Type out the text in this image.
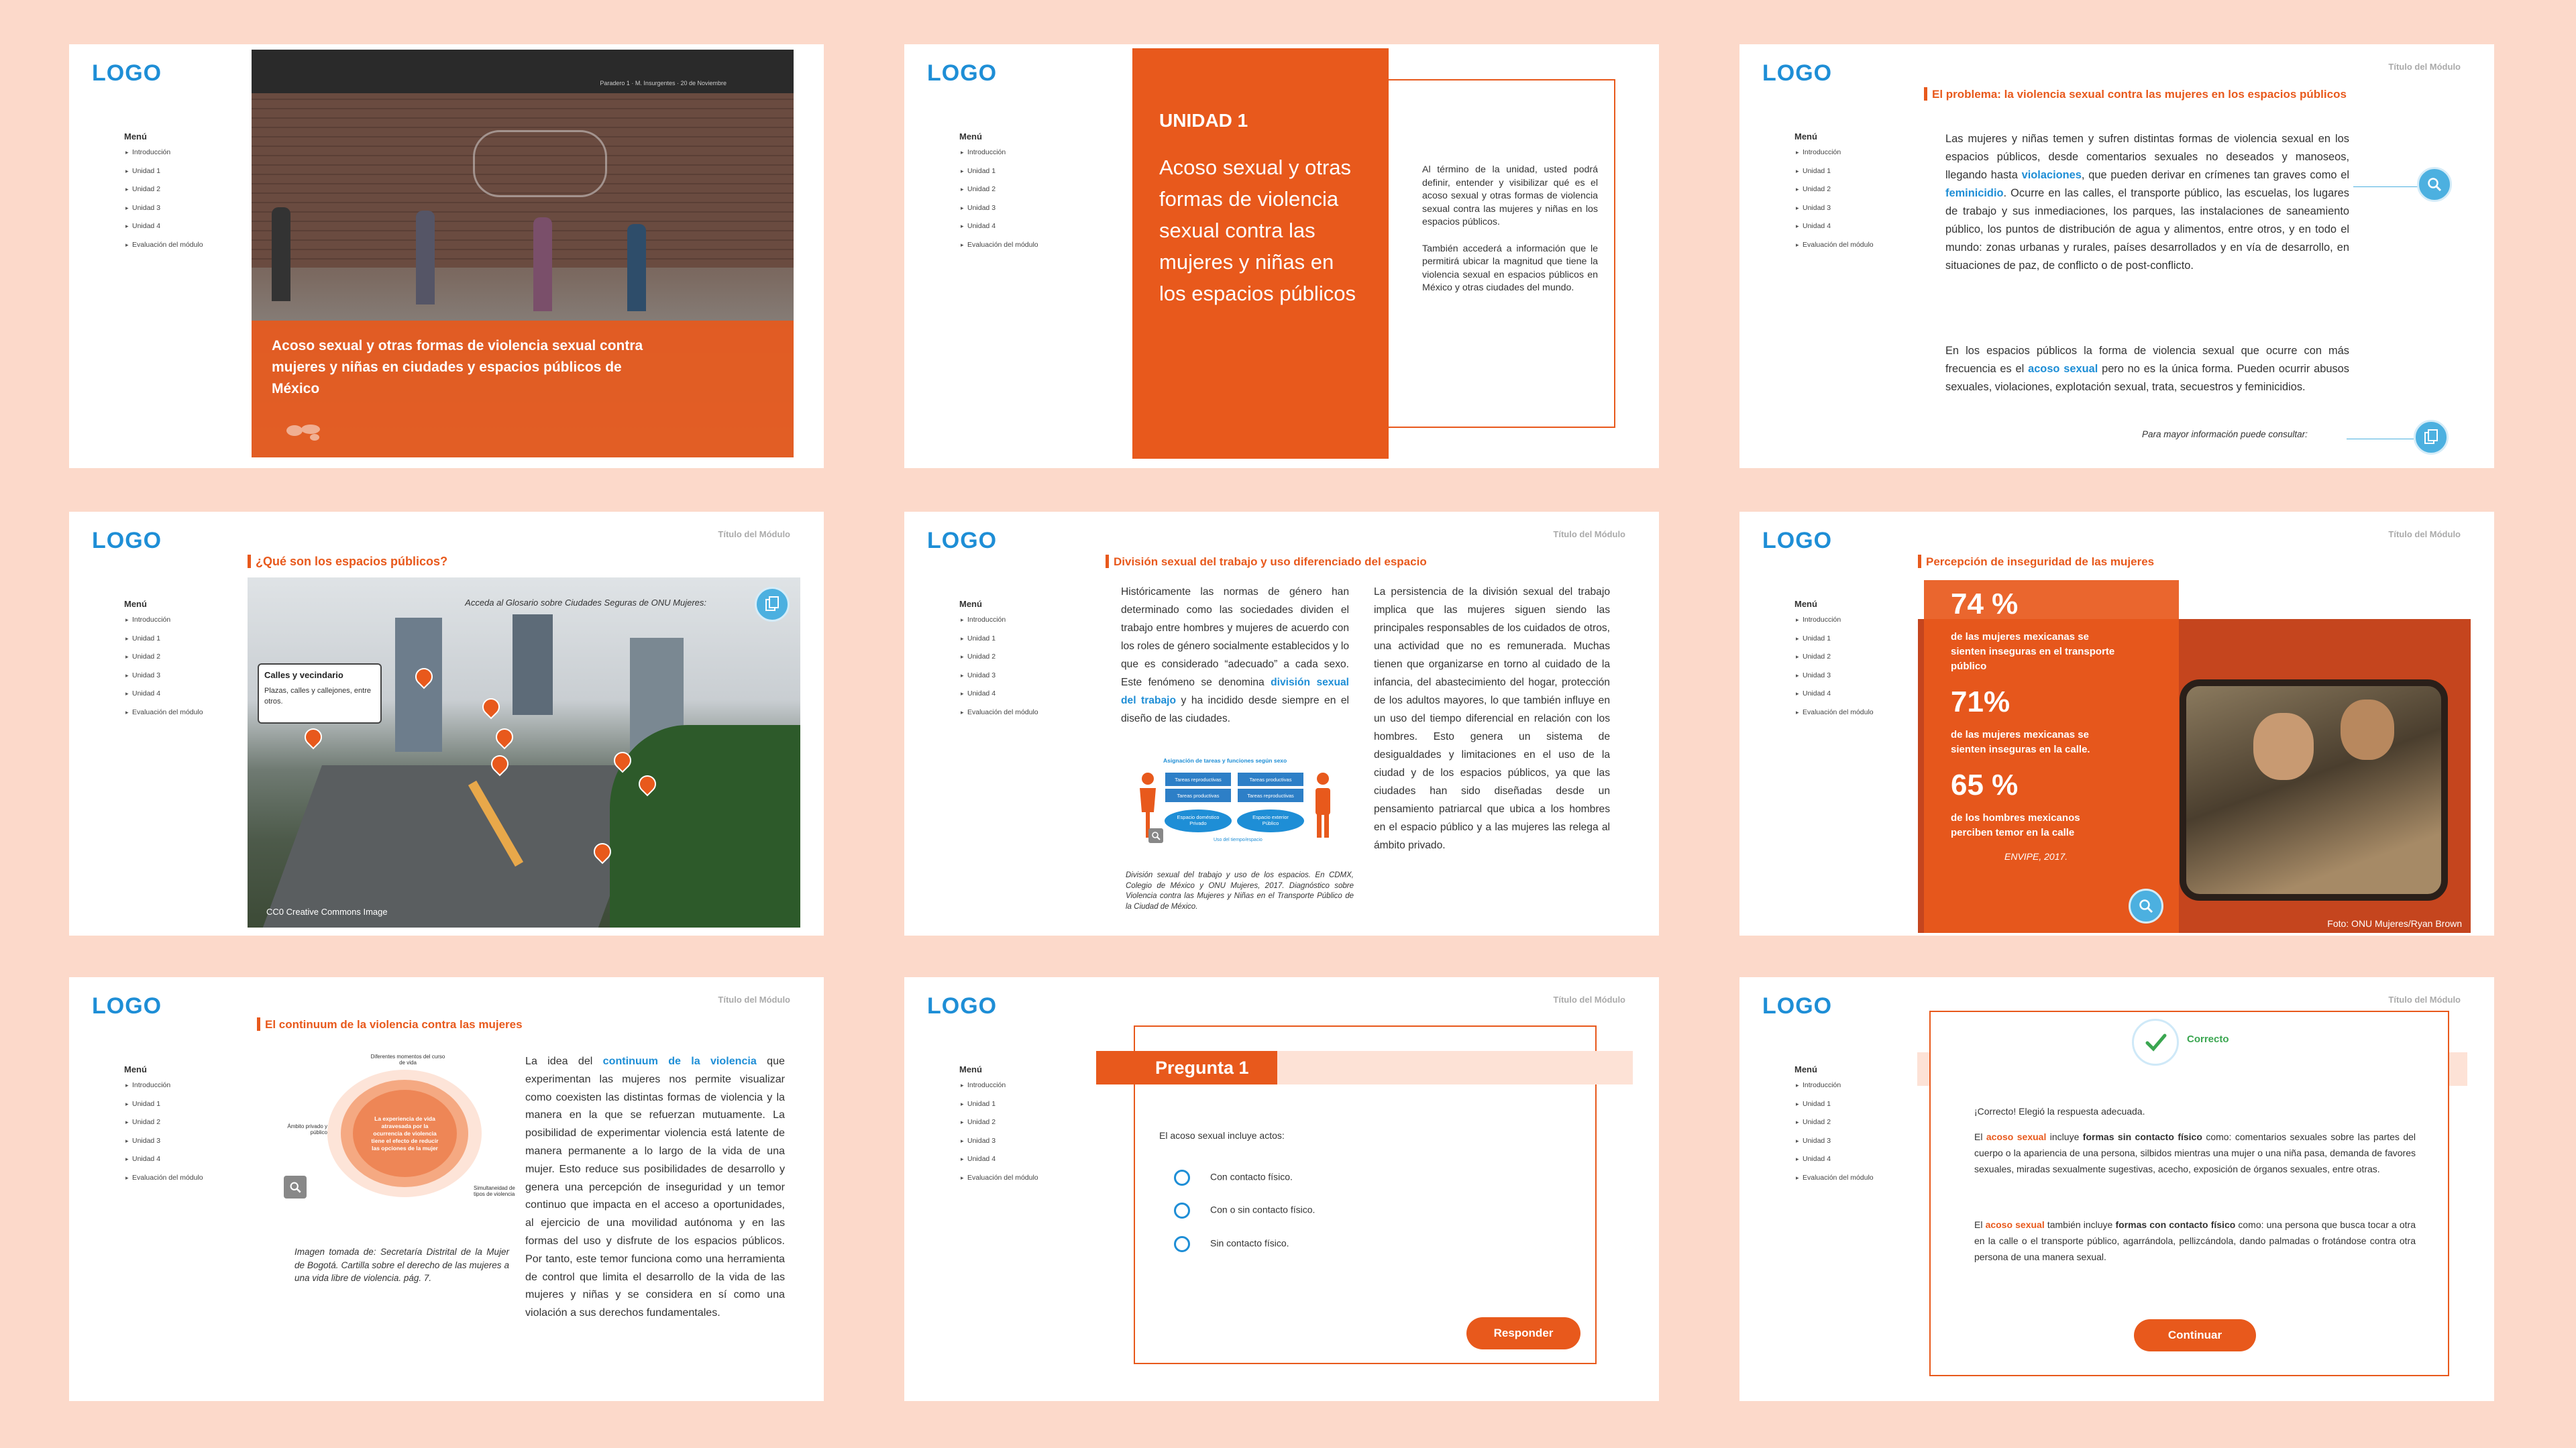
LOGO
Menú
▸ Introducción
▸ Unidad 1
▸ Unidad 2
▸ Unidad 3
▸ Unidad 4
▸ Evaluación del módulo
Paradero 1 · M. Insurgentes · 20 de Noviembre
Acoso sexual y otras formas de violencia sexual contra mujeres y niñas en ciudades y espacios públicos de México
LOGO
Menú
▸ Introducción
▸ Unidad 1
▸ Unidad 2
▸ Unidad 3
▸ Unidad 4
▸ Evaluación del módulo
UNIDAD 1
Acoso sexual y otras formas de violencia sexual contra las mujeres y niñas en los espacios públicos

Al término de la unidad, usted podrá definir, entender y visibilizar qué es el acoso sexual y otras formas de violencia sexual contra las mujeres y niñas en los espacios públicos.

También accederá a información que le permitirá ubicar la magnitud que tiene la violencia sexual en espacios públicos en México y otras ciudades del mundo.

LOGO	Título del Módulo
Menú
▸ Introducción
▸ Unidad 1
▸ Unidad 2
▸ Unidad 3
▸ Unidad 4
▸ Evaluación del módulo
El problema: la violencia sexual contra las mujeres en los espacios públicos
Las mujeres y niñas temen y sufren distintas formas de violencia sexual en los espacios públicos, desde comentarios sexuales no deseados y manoseos, llegando hasta violaciones, que pueden derivar en crímenes tan graves como el feminicidio. Ocurre en las calles, el transporte público, las escuelas, los lugares de trabajo y sus inmediaciones, los parques, las instalaciones de saneamiento público, los puntos de distribución de agua y alimentos, entre otros, y en todo el mundo: zonas urbanas y rurales, países desarrollados y en vía de desarrollo, en situaciones de paz, de conflicto o de post-conflicto.
En los espacios públicos la forma de violencia sexual que ocurre con más frecuencia es el acoso sexual pero no es la única forma. Pueden ocurrir abusos sexuales, violaciones, explotación sexual, trata, secuestros y feminicidios.
Para mayor información puede consultar:
LOGO	Título del Módulo
Menú
▸ Introducción
▸ Unidad 1
▸ Unidad 2
▸ Unidad 3
▸ Unidad 4
▸ Evaluación del módulo
¿Qué son los espacios públicos?
Acceda al Glosario sobre Ciudades Seguras de ONU Mujeres:
Calles y vecindario
Plazas, calles y callejones, entre otros.
CC0 Creative Commons Image
LOGO	Título del Módulo
Menú
▸ Introducción
▸ Unidad 1
▸ Unidad 2
▸ Unidad 3
▸ Unidad 4
▸ Evaluación del módulo
División sexual del trabajo y uso diferenciado del espacio
Históricamente las normas de género han determinado como las sociedades dividen el trabajo entre hombres y mujeres de acuerdo con los roles de género socialmente establecidos y lo que es considerado “adecuado” a cada sexo. Este fenómeno se denomina división sexual del trabajo y ha incidido desde siempre en el diseño de las ciudades.
Asignación de tareas y funciones según sexo
Tareas reproductivas
Tareas productivas
Tareas productivas
Tareas reproductivas
Espacio doméstico Privado
Espacio exterior Público
Uso del tiempo/espacio
División sexual del trabajo y uso de los espacios. En CDMX, Colegio de México y ONU Mujeres, 2017. Diagnóstico sobre Violencia contra las Mujeres y Niñas en el Transporte Público de la Ciudad de México.
La persistencia de la división sexual del trabajo implica que las mujeres siguen siendo las principales responsables de los cuidados de otros, una actividad que no es remunerada. Muchas tienen que organizarse en torno al cuidado de la infancia, del abastecimiento del hogar, protección de los adultos mayores, lo que también influye en un uso del tiempo diferencial en relación con los hombres. Esto genera un sistema de desigualdades y limitaciones en el uso de la ciudad y de los espacios públicos, ya que las ciudades han sido diseñadas desde un pensamiento patriarcal que ubica a los hombres en el espacio público y a las mujeres las relega al ámbito privado.
LOGO	Título del Módulo
Menú
▸ Introducción
▸ Unidad 1
▸ Unidad 2
▸ Unidad 3
▸ Unidad 4
▸ Evaluación del módulo
Percepción de inseguridad de las mujeres
74 %
de las mujeres mexicanas se sienten inseguras en el transporte público
71%
de las mujeres mexicanas se sienten inseguras en la calle.
65 %
de los hombres mexicanos perciben temor en la calle
ENVIPE, 2017.
Foto: ONU Mujeres/Ryan Brown
LOGO	Título del Módulo
Menú
▸ Introducción
▸ Unidad 1
▸ Unidad 2
▸ Unidad 3
▸ Unidad 4
▸ Evaluación del módulo
El continuum de la violencia contra las mujeres
La experiencia de vida atravesada por la ocurrencia de violencia tiene el efecto de reducir las opciones de la mujer
Diferentes momentos del curso de vida
Ámbito privado y público
Simultaneidad de tipos de violencia
Imagen tomada de: Secretaría Distrital de la Mujer de Bogotá. Cartilla sobre el derecho de las mujeres a una vida libre de violencia. pág. 7.
La idea del continuum de la violencia que experimentan las mujeres nos permite visualizar como coexisten las distintas formas de violencia y la manera en la que se refuerzan mutuamente. La posibilidad de experimentar violencia está latente de manera permanente a lo largo de la vida de una mujer. Esto reduce sus posibilidades de desarrollo y genera una percepción de inseguridad y un temor continuo que impacta en el acceso a oportunidades, al ejercicio de una movilidad autónoma y en las formas del uso y disfrute de los espacios públicos. Por tanto, este temor funciona como una herramienta de control que limita el desarrollo de la vida de las mujeres y niñas y se considera en sí como una violación a sus derechos fundamentales.
LOGO	Título del Módulo
Menú
▸ Introducción
▸ Unidad 1
▸ Unidad 2
▸ Unidad 3
▸ Unidad 4
▸ Evaluación del módulo
Pregunta 1
El acoso sexual incluye actos:
Con contacto físico.
Con o sin contacto físico.
Sin contacto físico.
Responder
LOGO	Título del Módulo
Menú
▸ Introducción
▸ Unidad 1
▸ Unidad 2
▸ Unidad 3
▸ Unidad 4
▸ Evaluación del módulo
Correcto
¡Correcto! Elegió la respuesta adecuada.
El acoso sexual incluye formas sin contacto físico como: comentarios sexuales sobre las partes del cuerpo o la apariencia de una persona, silbidos mientras una mujer o una niña pasa, demanda de favores sexuales, miradas sexualmente sugestivas, acecho, exposición de órganos sexuales, entre otras.
El acoso sexual también incluye formas con contacto físico como: una persona que busca tocar a otra en la calle o el transporte público, agarrándola, pellizcándola, dando palmadas o frotándose contra otra persona de una manera sexual.
Continuar
